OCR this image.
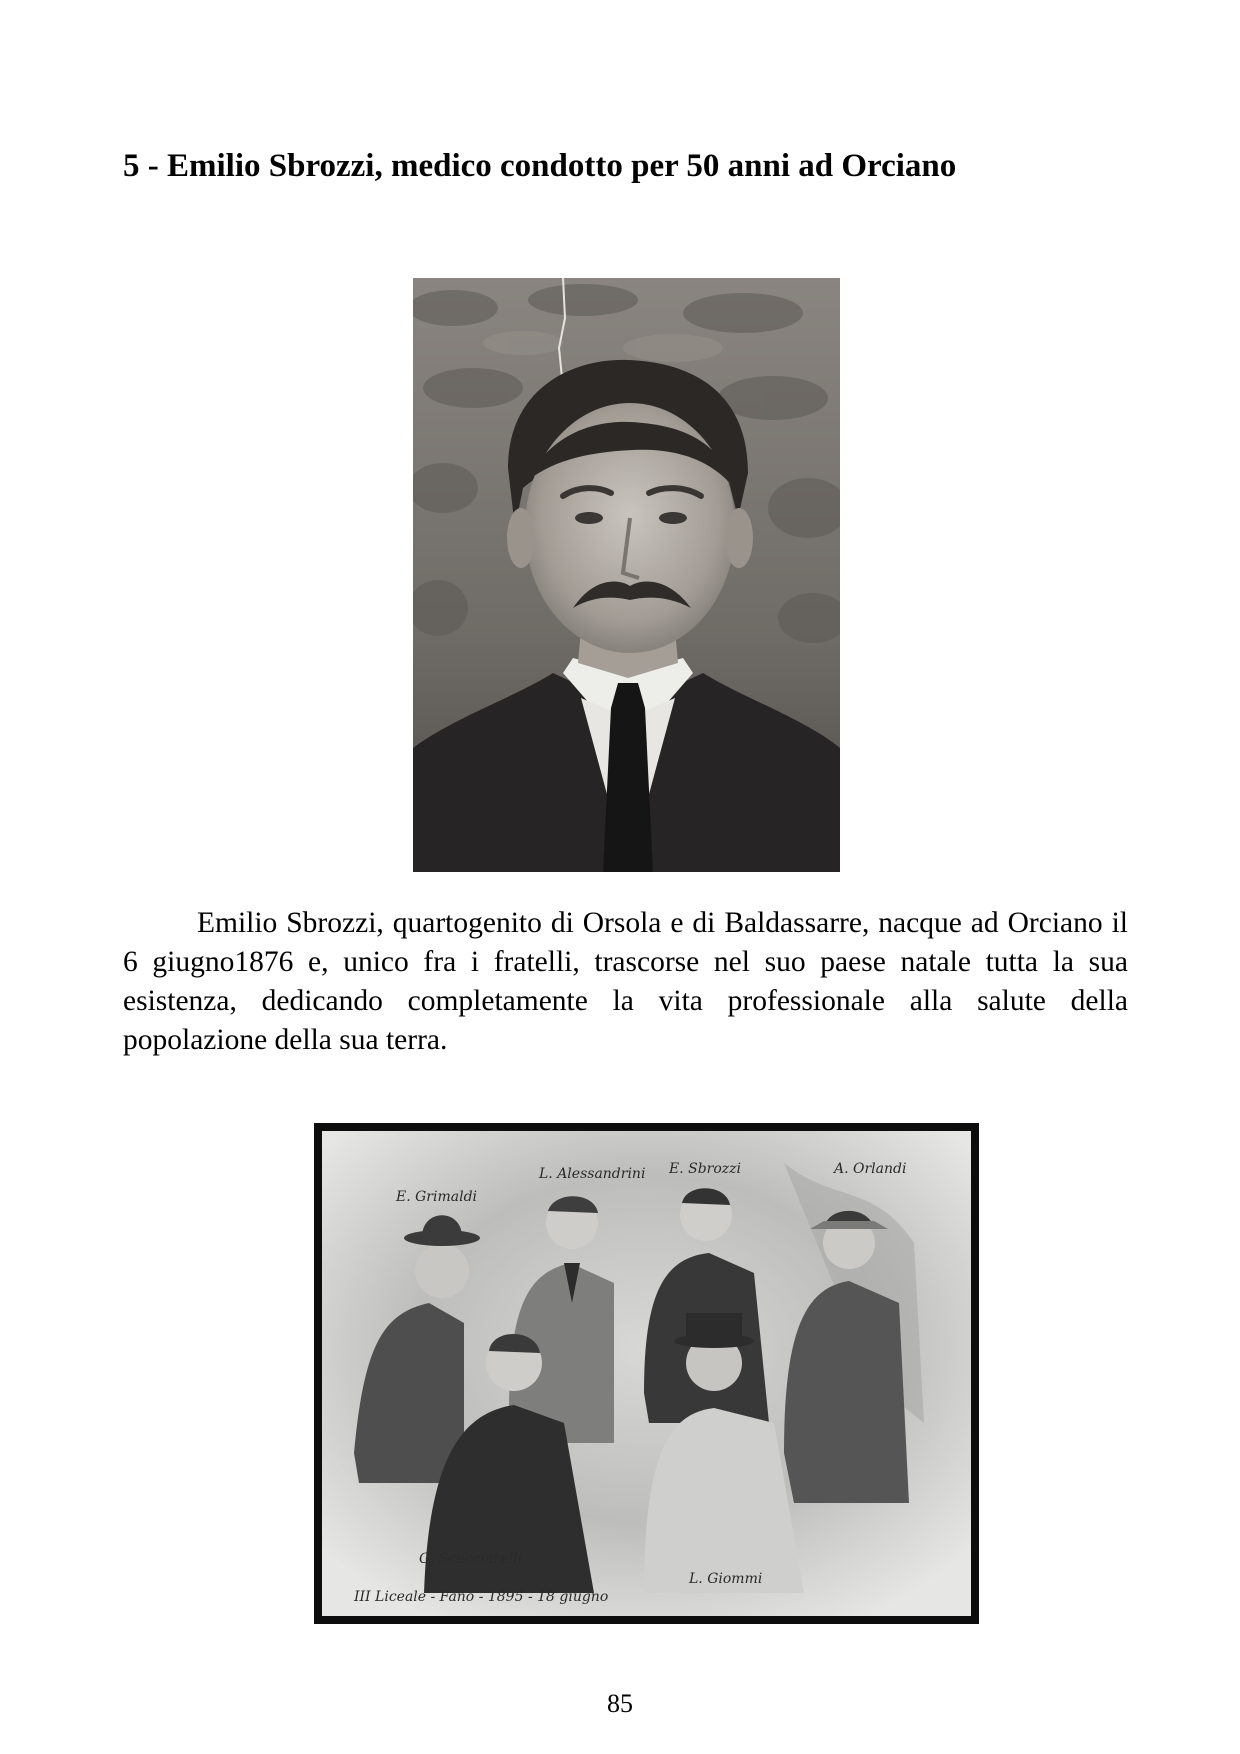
5 - Emilio Sbrozzi, medico condotto per 50 anni ad Orciano

Emilio Sbrozzi, quartogenito di Orsola e di Baldassarre, nacque ad Orciano il 6 giugno1876 e, unico fra i fratelli, trascorse nel suo paese natale tutta la sua esistenza, dedicando completamente la vita professionale alla salute della popolazione della sua terra.

E. Grimaldi
L. Alessandrini E. Sbrozzi	A. Orlandi
G. Scucciarelli
L. Giommi
III Liceale - Fano - 1895 - 18 giugno
85
